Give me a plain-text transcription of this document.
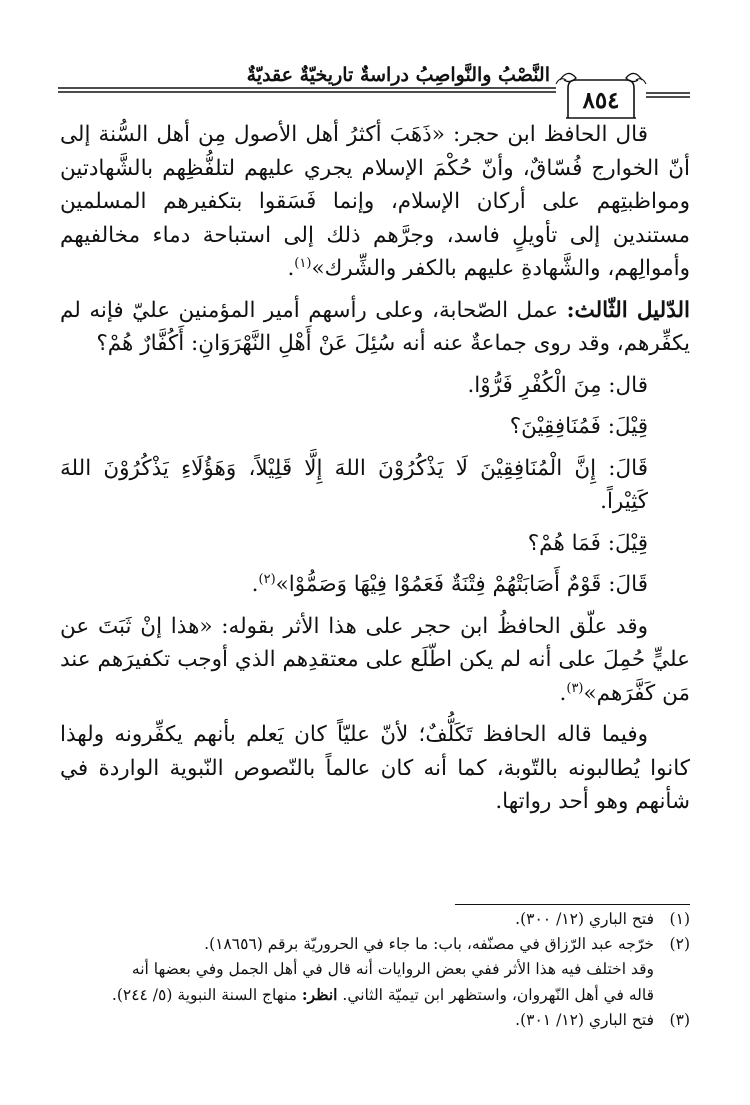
النَّصْبُ والنَّواصِبُ دراسةٌ تاريخيّةٌ عقديّةٌ
٨٥٤

قال الحافظ ابن حجر: «ذَهَبَ أكثرُ أهل الأصول مِن أهل السُّنة إلى أنّ الخوارج فُسّاقٌ، وأنّ حُكْمَ الإسلام يجري عليهم لتلفُّظِهم بالشَّهادتين ومواظبتِهم على أركان الإسلام، وإنما فَسَقوا بتكفيرهم المسلمين مستندين إلى تأويلٍ فاسد، وجرَّهم ذلك إلى استباحة دماء مخالفيهم وأموالِهم، والشَّهادةِ عليهم بالكفر والشِّرك»$^{(١)}$.

الدّليل الثّالث: عمل الصّحابة، وعلى رأسهم أمير المؤمنين عليّ فإنه لم يكفِّرهم، وقد روى جماعةٌ عنه أنه سُئِلَ عَنْ أَهْلِ النَّهْرَوَانِ: أَكُفَّارٌ هُمْ؟

قال: مِنَ الْكُفْرِ فَرُّوْا.

قِيْلَ: فَمُنَافِقِيْنَ؟

قَالَ: إِنَّ الْمُنَافِقِيْنَ لَا يَذْكُرُوْنَ اللهَ إِلَّا قَلِيْلاً، وَهَؤُلَاءِ يَذْكُرُوْنَ اللهَ كَثِيْراً.

قِيْلَ: فَمَا هُمْ؟

قَالَ: قَوْمٌ أَصَابَتْهُمْ فِتْنَةٌ فَعَمُوْا فِيْهَا وَصَمُّوْا»$^{(٢)}$.

وقد علّق الحافظُ ابن حجر على هذا الأثر بقوله: «هذا إنْ ثَبَتَ عن عليٍّ حُمِلَ على أنه لم يكن اطّلَع على معتقدِهم الذي أوجب تكفيرَهم عند مَن كَفَّرَهم»$^{(٣)}$.

وفيما قاله الحافظ تَكَلُّفٌ؛ لأنّ عليّاً كان يَعلم بأنهم يكفِّرونه ولهذا كانوا يُطالبونه بالتّوبة، كما أنه كان عالماً بالنّصوص النّبوية الواردة في شأنهم وهو أحد رواتها.

(١)
فتح الباري (١٢/ ٣٠٠).

(٢)
خرّجه عبد الرّزاق في مصنّفه، باب: ما جاء في الحروريّة برقم (١٨٦٥٦).

وقد اختلف فيه هذا الأثر ففي بعض الروايات أنه قال في أهل الجمل وفي بعضها أنه

قاله في أهل النّهروان، واستظهر ابن تيميّة الثاني. انظر: منهاج السنة النبوية (٥/ ٢٤٤).

(٣)
فتح الباري (١٢/ ٣٠١).
